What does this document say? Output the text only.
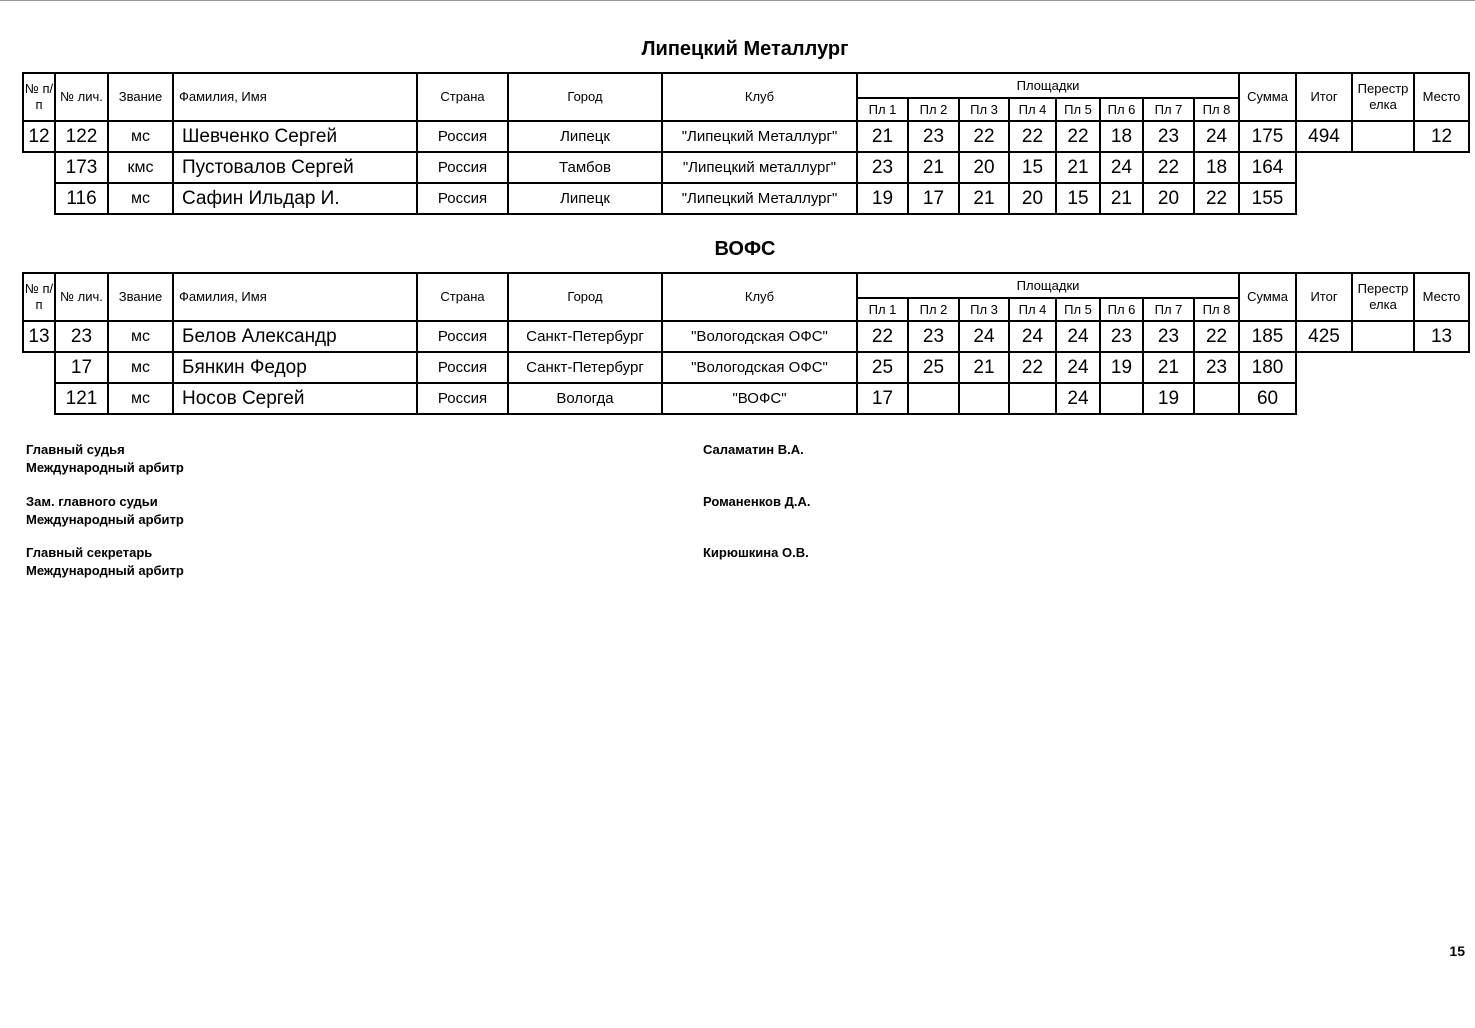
Липецкий Металлург
№ п/п	№ лич.	Звание	Фамилия, Имя	Страна	Город	Клуб	Площадки								Сумма	Итог	Перестр елка	Место
							Пл 1	Пл 2	Пл 3	Пл 4	Пл 5	Пл 6	Пл 7	Пл 8				
12	122	мс	Шевченко Сергей	Россия	Липецк	"Липецкий Металлург"	21	23	22	22	22	18	23	24	175	494		12
	173	кмс	Пустовалов Сергей	Россия	Тамбов	"Липецкий металлург"	23	21	20	15	21	24	22	18	164			
	116	мс	Сафин Ильдар И.	Россия	Липецк	"Липецкий Металлург"	19	17	21	20	15	21	20	22	155			
ВОФС
№ п/п	№ лич.	Звание	Фамилия, Имя	Страна	Город	Клуб	Площадки								Сумма	Итог	Перестр елка	Место
							Пл 1	Пл 2	Пл 3	Пл 4	Пл 5	Пл 6	Пл 7	Пл 8				
13	23	мс	Белов Александр	Россия	Санкт-Петербург	"Вологодская ОФС"	22	23	24	24	24	23	23	22	185	425		13
	17	мс	Бянкин Федор	Россия	Санкт-Петербург	"Вологодская ОФС"	25	25	21	22	24	19	21	23	180			
	121	мс	Носов Сергей	Россия	Вологда	"ВОФС"	17				24		19		60			
Главный судья
Международный арбитр
Саламатин В.А.
Зам. главного судьи
Международный арбитр
Романенков Д.А.
Главный секретарь
Международный арбитр
Кирюшкина О.В.
15
